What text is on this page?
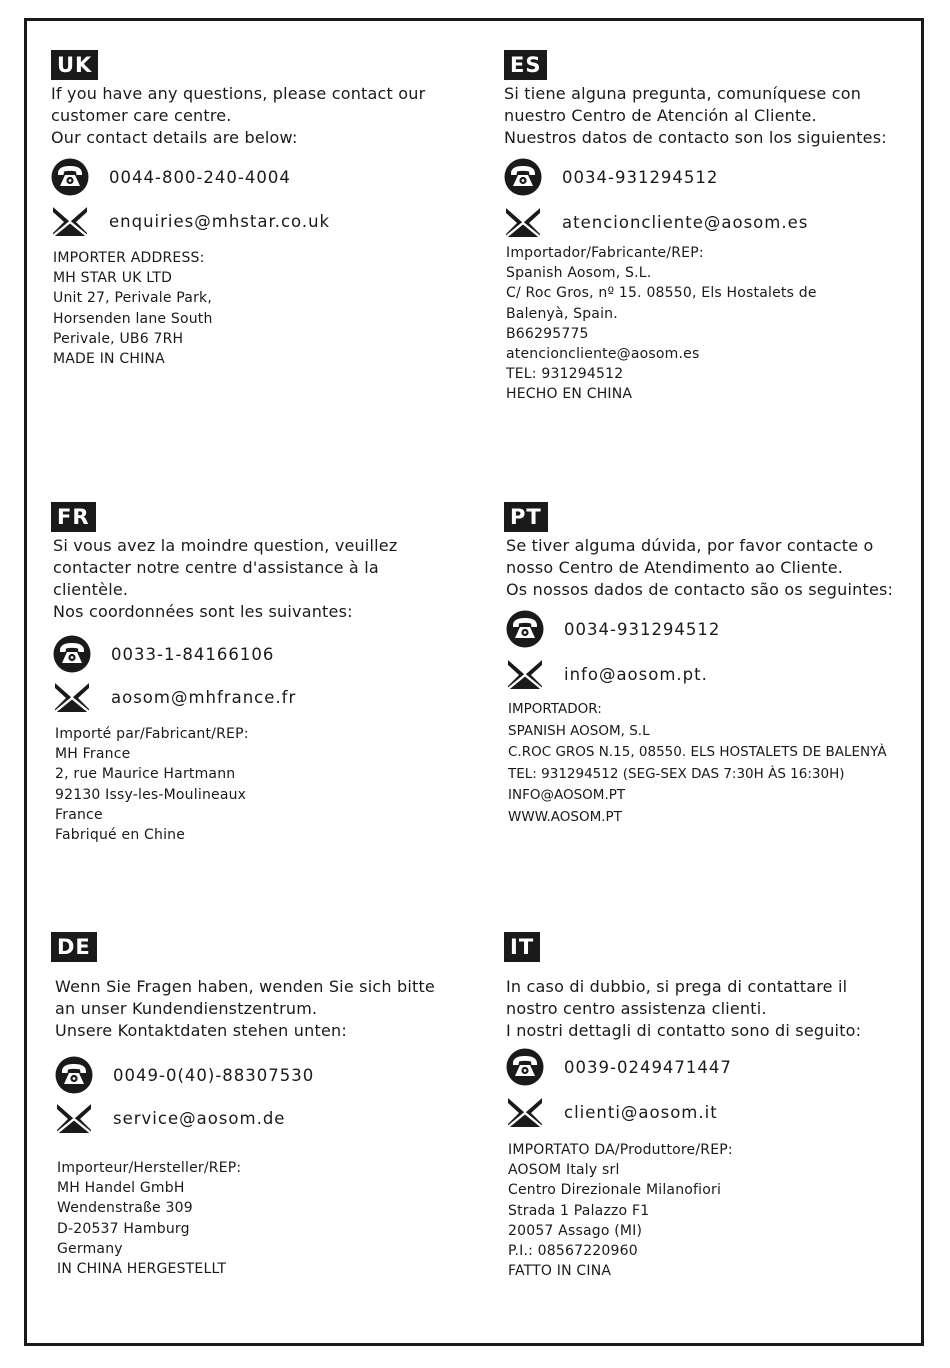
UK

If you have any questions, please contact our
customer care centre.
Our contact details are below:

0044-800-240-4004
enquiries@mhstar.co.uk

IMPORTER ADDRESS:
MH STAR UK LTD
Unit 27, Perivale Park,
Horsenden lane South
Perivale, UB6 7RH
MADE IN CHINA

ES

Si tiene alguna pregunta, comuníquese con
nuestro Centro de Atención al Cliente.
Nuestros datos de contacto son los siguientes:

0034-931294512
atencioncliente@aosom.es

Importador/Fabricante/REP:
Spanish Aosom, S.L.
C/ Roc Gros, nº 15. 08550, Els Hostalets de
Balenyà, Spain.
B66295775
atencioncliente@aosom.es
TEL: 931294512
HECHO EN CHINA

FR

Si vous avez la moindre question, veuillez
contacter notre centre d'assistance à la
clientèle.
Nos coordonnées sont les suivantes:

0033-1-84166106
aosom@mhfrance.fr

Importé par/Fabricant/REP:
MH France
2, rue Maurice Hartmann
92130 Issy-les-Moulineaux
France
Fabriqué en Chine

PT

Se tiver alguma dúvida, por favor contacte o
nosso Centro de Atendimento ao Cliente.
Os nossos dados de contacto são os seguintes:

0034-931294512
info@aosom.pt.

IMPORTADOR:
SPANISH AOSOM, S.L
C.ROC GROS N.15, 08550. ELS HOSTALETS DE BALENYÀ
TEL: 931294512 (SEG-SEX DAS 7:30H ÀS 16:30H)
INFO@AOSOM.PT
WWW.AOSOM.PT

DE

Wenn Sie Fragen haben, wenden Sie sich bitte
an unser Kundendienstzentrum.
Unsere Kontaktdaten stehen unten:

0049-0(40)-88307530
service@aosom.de

Importeur/Hersteller/REP:
MH Handel GmbH
Wendenstraße 309
D-20537 Hamburg
Germany
IN CHINA HERGESTELLT

IT

In caso di dubbio, si prega di contattare il
nostro centro assistenza clienti.
I nostri dettagli di contatto sono di seguito:

0039-0249471447
clienti@aosom.it

IMPORTATO DA/Produttore/REP:
AOSOM Italy srl
Centro Direzionale Milanofiori
Strada 1 Palazzo F1
20057 Assago (MI)
P.I.: 08567220960
FATTO IN CINA
